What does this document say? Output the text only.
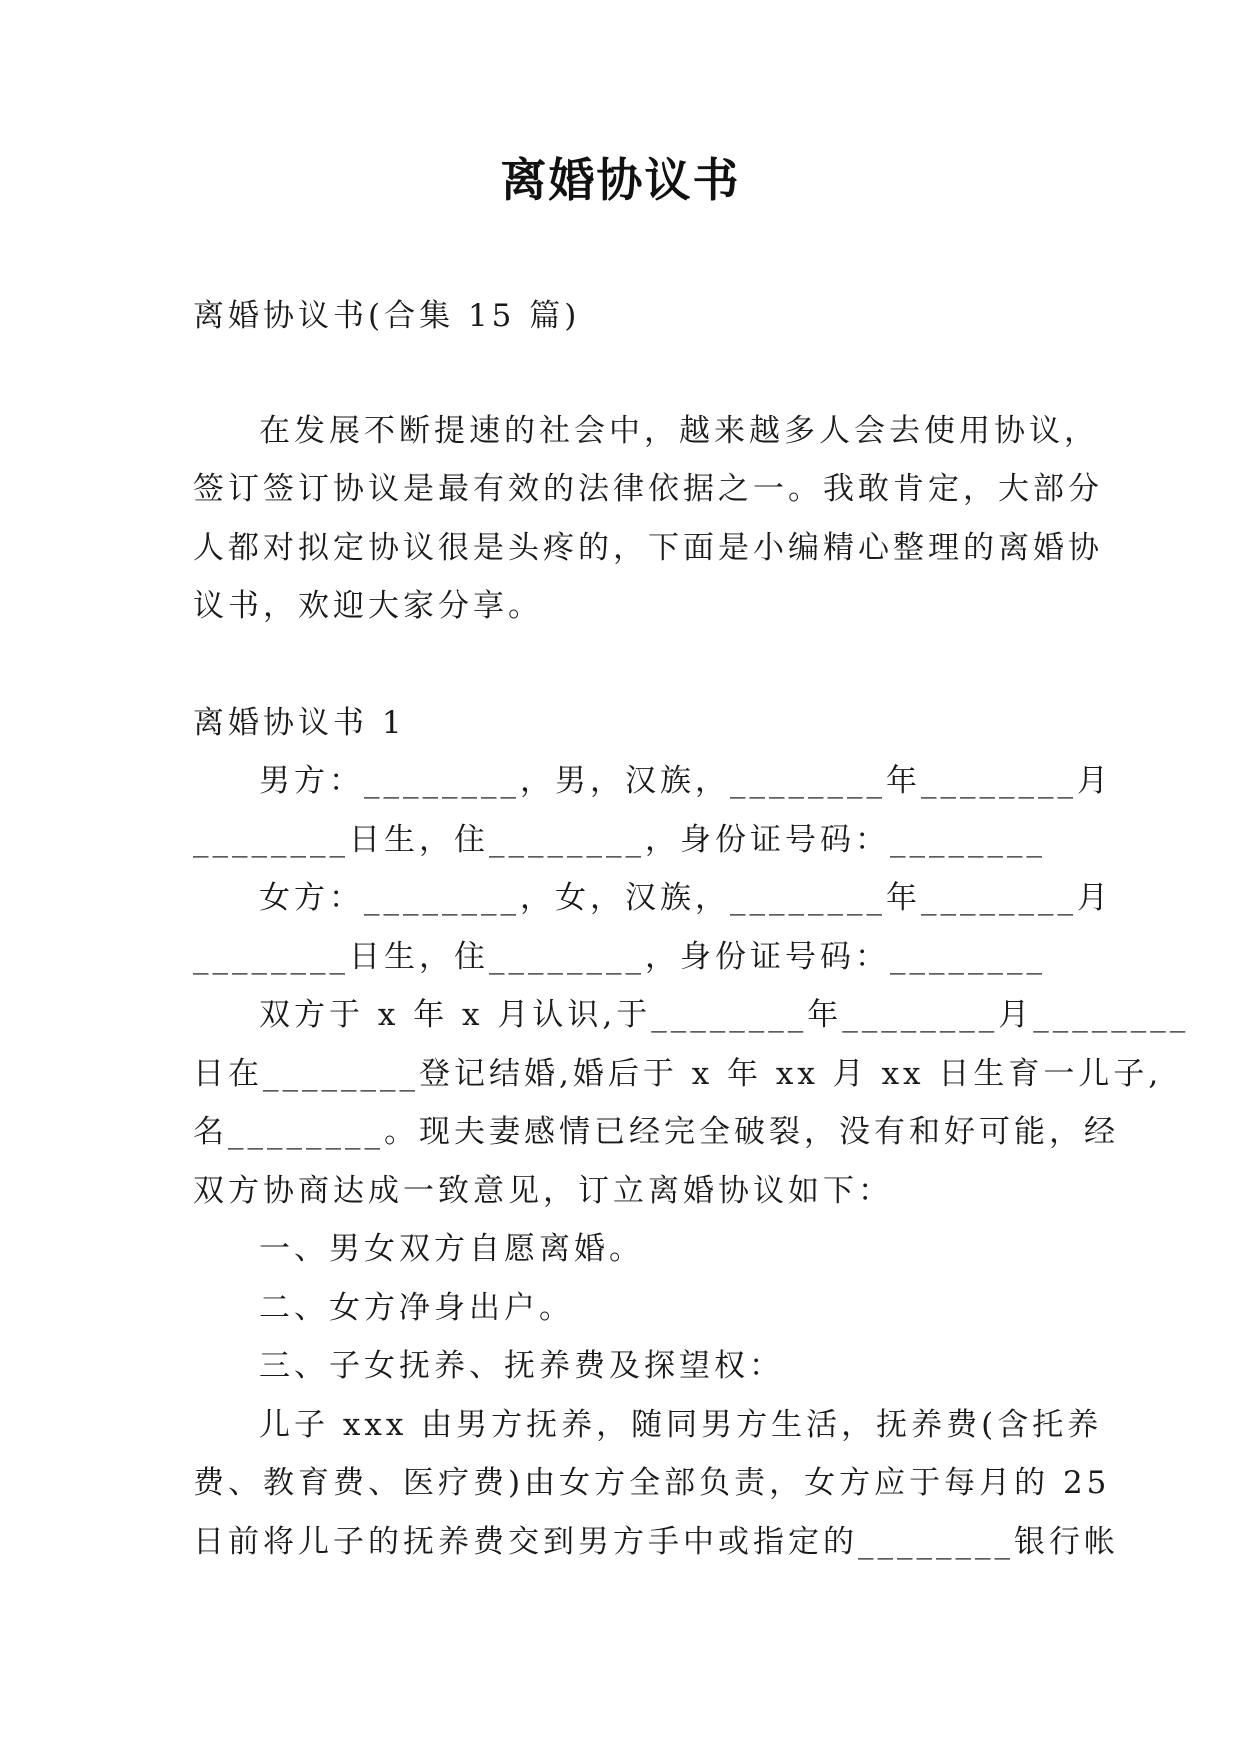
离婚协议书
离婚协议书(合集 15 篇)
在发展不断提速的社会中，越来越多人会去使用协议，
签订签订协议是最有效的法律依据之一。我敢肯定，大部分
人都对拟定协议很是头疼的，下面是小编精心整理的离婚协
议书，欢迎大家分享。
离婚协议书 1
男方：________，男，汉族，________年________月
________日生，住________，身份证号码：________
女方：________，女，汉族，________年________月
________日生，住________，身份证号码：________
双方于 x 年 x 月认识,于________年________月________
日在________登记结婚,婚后于 x 年 xx 月 xx 日生育一儿子,
名________。现夫妻感情已经完全破裂，没有和好可能，经
双方协商达成一致意见，订立离婚协议如下：
一、男女双方自愿离婚。
二、女方净身出户。
三、子女抚养、抚养费及探望权：
儿子 xxx 由男方抚养，随同男方生活，抚养费(含托养
费、教育费、医疗费)由女方全部负责，女方应于每月的 25
日前将儿子的抚养费交到男方手中或指定的________银行帐
